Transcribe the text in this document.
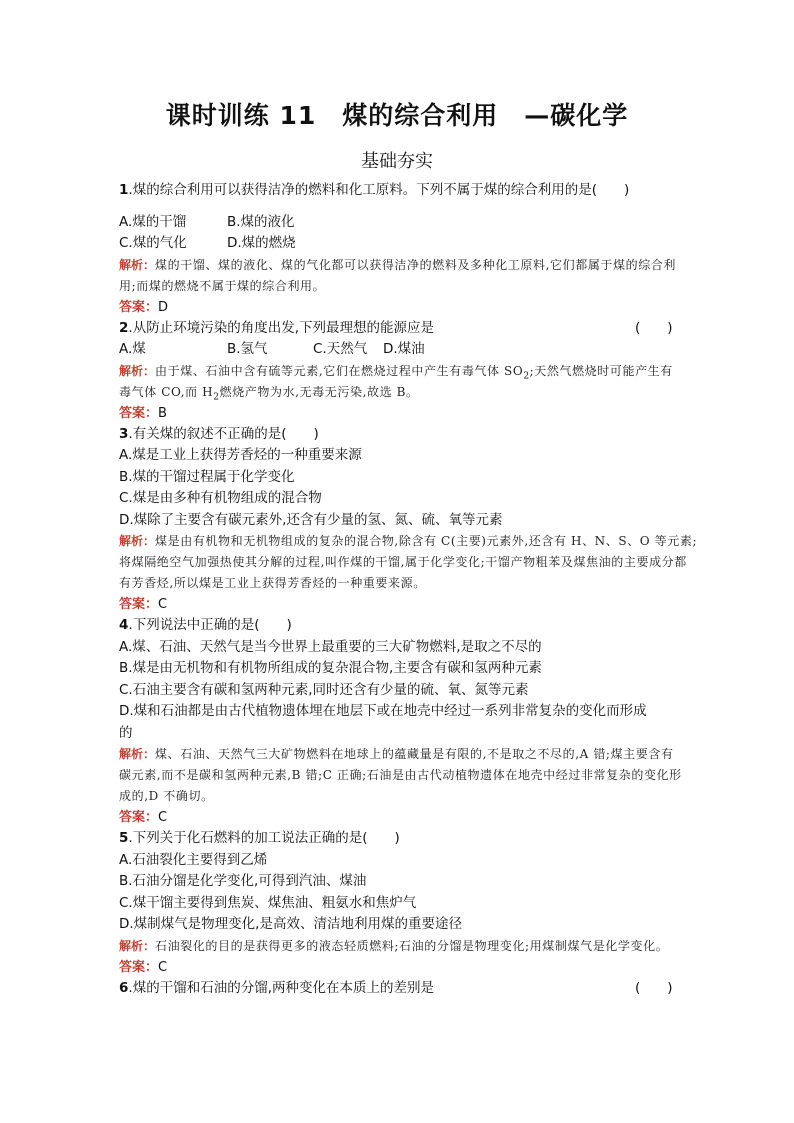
课时训练 11　煤的综合利用　—碳化学
基础夯实
1.煤的综合利用可以获得洁净的燃料和化工原料。下列不属于煤的综合利用的是(　　)
A.煤的干馏	B.煤的液化
C.煤的气化	D.煤的燃烧
解析：煤的干馏、煤的液化、煤的气化都可以获得洁净的燃料及多种化工原料,它们都属于煤的综合利用;而煤的燃烧不属于煤的综合利用。
答案：D
2.从防止环境污染的角度出发,下列最理想的能源应是	(　　)
A.煤	B.氢气	C.天然气 D.煤油
解析：由于煤、石油中含有硫等元素,它们在燃烧过程中产生有毒气体 $SO_2$;天然气燃烧时可能产生有毒气体 CO,而 $H_2$燃烧产物为水,无毒无污染,故选 B。
答案：B
3.有关煤的叙述不正确的是(　　)
A.煤是工业上获得芳香烃的一种重要来源
B.煤的干馏过程属于化学变化
C.煤是由多种有机物组成的混合物
D.煤除了主要含有碳元素外,还含有少量的氢、氮、硫、氧等元素
解析：煤是由有机物和无机物组成的复杂的混合物,除含有 C(主要)元素外,还含有 H、N、S、O 等元素;将煤隔绝空气加强热使其分解的过程,叫作煤的干馏,属于化学变化;干馏产物粗苯及煤焦油的主要成分都有芳香烃,所以煤是工业上获得芳香烃的一种重要来源。
答案：C
4.下列说法中正确的是(　　)
A.煤、石油、天然气是当今世界上最重要的三大矿物燃料,是取之不尽的
B.煤是由无机物和有机物所组成的复杂混合物,主要含有碳和氢两种元素
C.石油主要含有碳和氢两种元素,同时还含有少量的硫、氧、氮等元素
D.煤和石油都是由古代植物遗体埋在地层下或在地壳中经过一系列非常复杂的变化而形成
的
解析：煤、石油、天然气三大矿物燃料在地球上的蕴藏量是有限的,不是取之不尽的,A 错;煤主要含有碳元素,而不是碳和氢两种元素,B 错;C 正确;石油是由古代动植物遗体在地壳中经过非常复杂的变化形成的,D 不确切。
答案：C
5.下列关于化石燃料的加工说法正确的是(　　)
A.石油裂化主要得到乙烯
B.石油分馏是化学变化,可得到汽油、煤油
C.煤干馏主要得到焦炭、煤焦油、粗氨水和焦炉气
D.煤制煤气是物理变化,是高效、清洁地利用煤的重要途径
解析：石油裂化的目的是获得更多的液态轻质燃料;石油的分馏是物理变化;用煤制煤气是化学变化。
答案：C
6.煤的干馏和石油的分馏,两种变化在本质上的差别是	(　　)
